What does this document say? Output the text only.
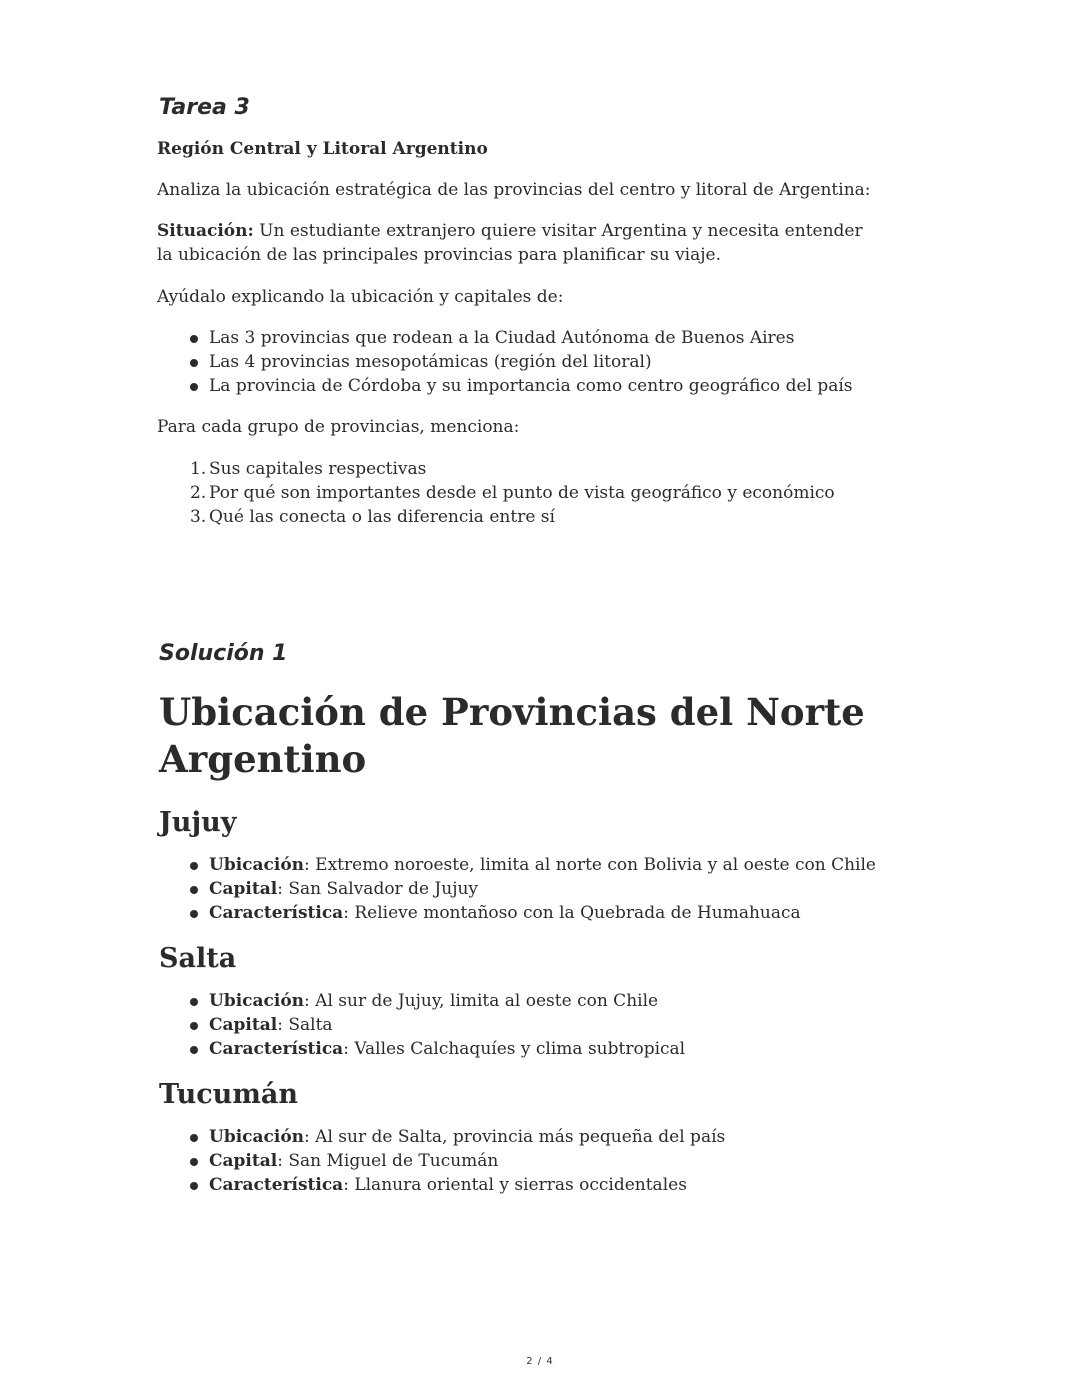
Tarea 3

Región Central y Litoral Argentino

Analiza la ubicación estratégica de las provincias del centro y litoral de Argentina:

Situación: Un estudiante extranjero quiere visitar Argentina y necesita entender la ubicación de las principales provincias para planificar su viaje.

Ayúdalo explicando la ubicación y capitales de:

Las 3 provincias que rodean a la Ciudad Autónoma de Buenos Aires
Las 4 provincias mesopotámicas (región del litoral)
La provincia de Córdoba y su importancia como centro geográfico del país

Para cada grupo de provincias, menciona:

1. Sus capitales respectivas
2. Por qué son importantes desde el punto de vista geográfico y económico
3. Qué las conecta o las diferencia entre sí
Solución 1
Ubicación de Provincias del Norte Argentino
Jujuy
Ubicación: Extremo noroeste, limita al norte con Bolivia y al oeste con Chile
Capital: San Salvador de Jujuy
Característica: Relieve montañoso con la Quebrada de Humahuaca
Salta
Ubicación: Al sur de Jujuy, limita al oeste con Chile
Capital: Salta
Característica: Valles Calchaquíes y clima subtropical
Tucumán
Ubicación: Al sur de Salta, provincia más pequeña del país
Capital: San Miguel de Tucumán
Característica: Llanura oriental y sierras occidentales
2 / 4
